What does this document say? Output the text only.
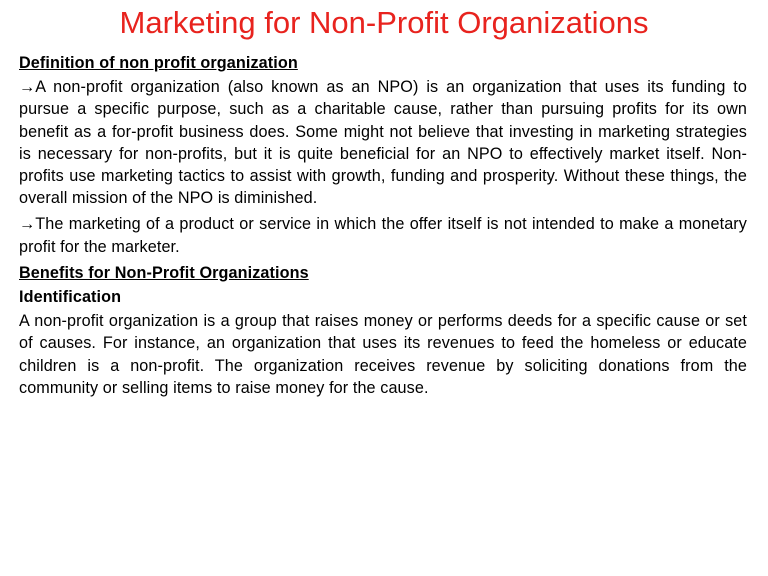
Marketing for Non-Profit Organizations
Definition of non profit organization

→A non-profit organization (also known as an NPO) is an organization that uses its funding to pursue a specific purpose, such as a charitable cause, rather than pursuing profits for its own benefit as a for-profit business does. Some might not believe that investing in marketing strategies is necessary for non-profits, but it is quite beneficial for an NPO to effectively market itself. Non-profits use marketing tactics to assist with growth, funding and prosperity. Without these things, the overall mission of the NPO is diminished.

→The marketing of a product or service in which the offer itself is not intended to make a monetary profit for the marketer.

Benefits for Non-Profit Organizations
Identification

A non-profit organization is a group that raises money or performs deeds for a specific cause or set of causes. For instance, an organization that uses its revenues to feed the homeless or educate children is a non-profit. The organization receives revenue by soliciting donations from the community or selling items to raise money for the cause.
